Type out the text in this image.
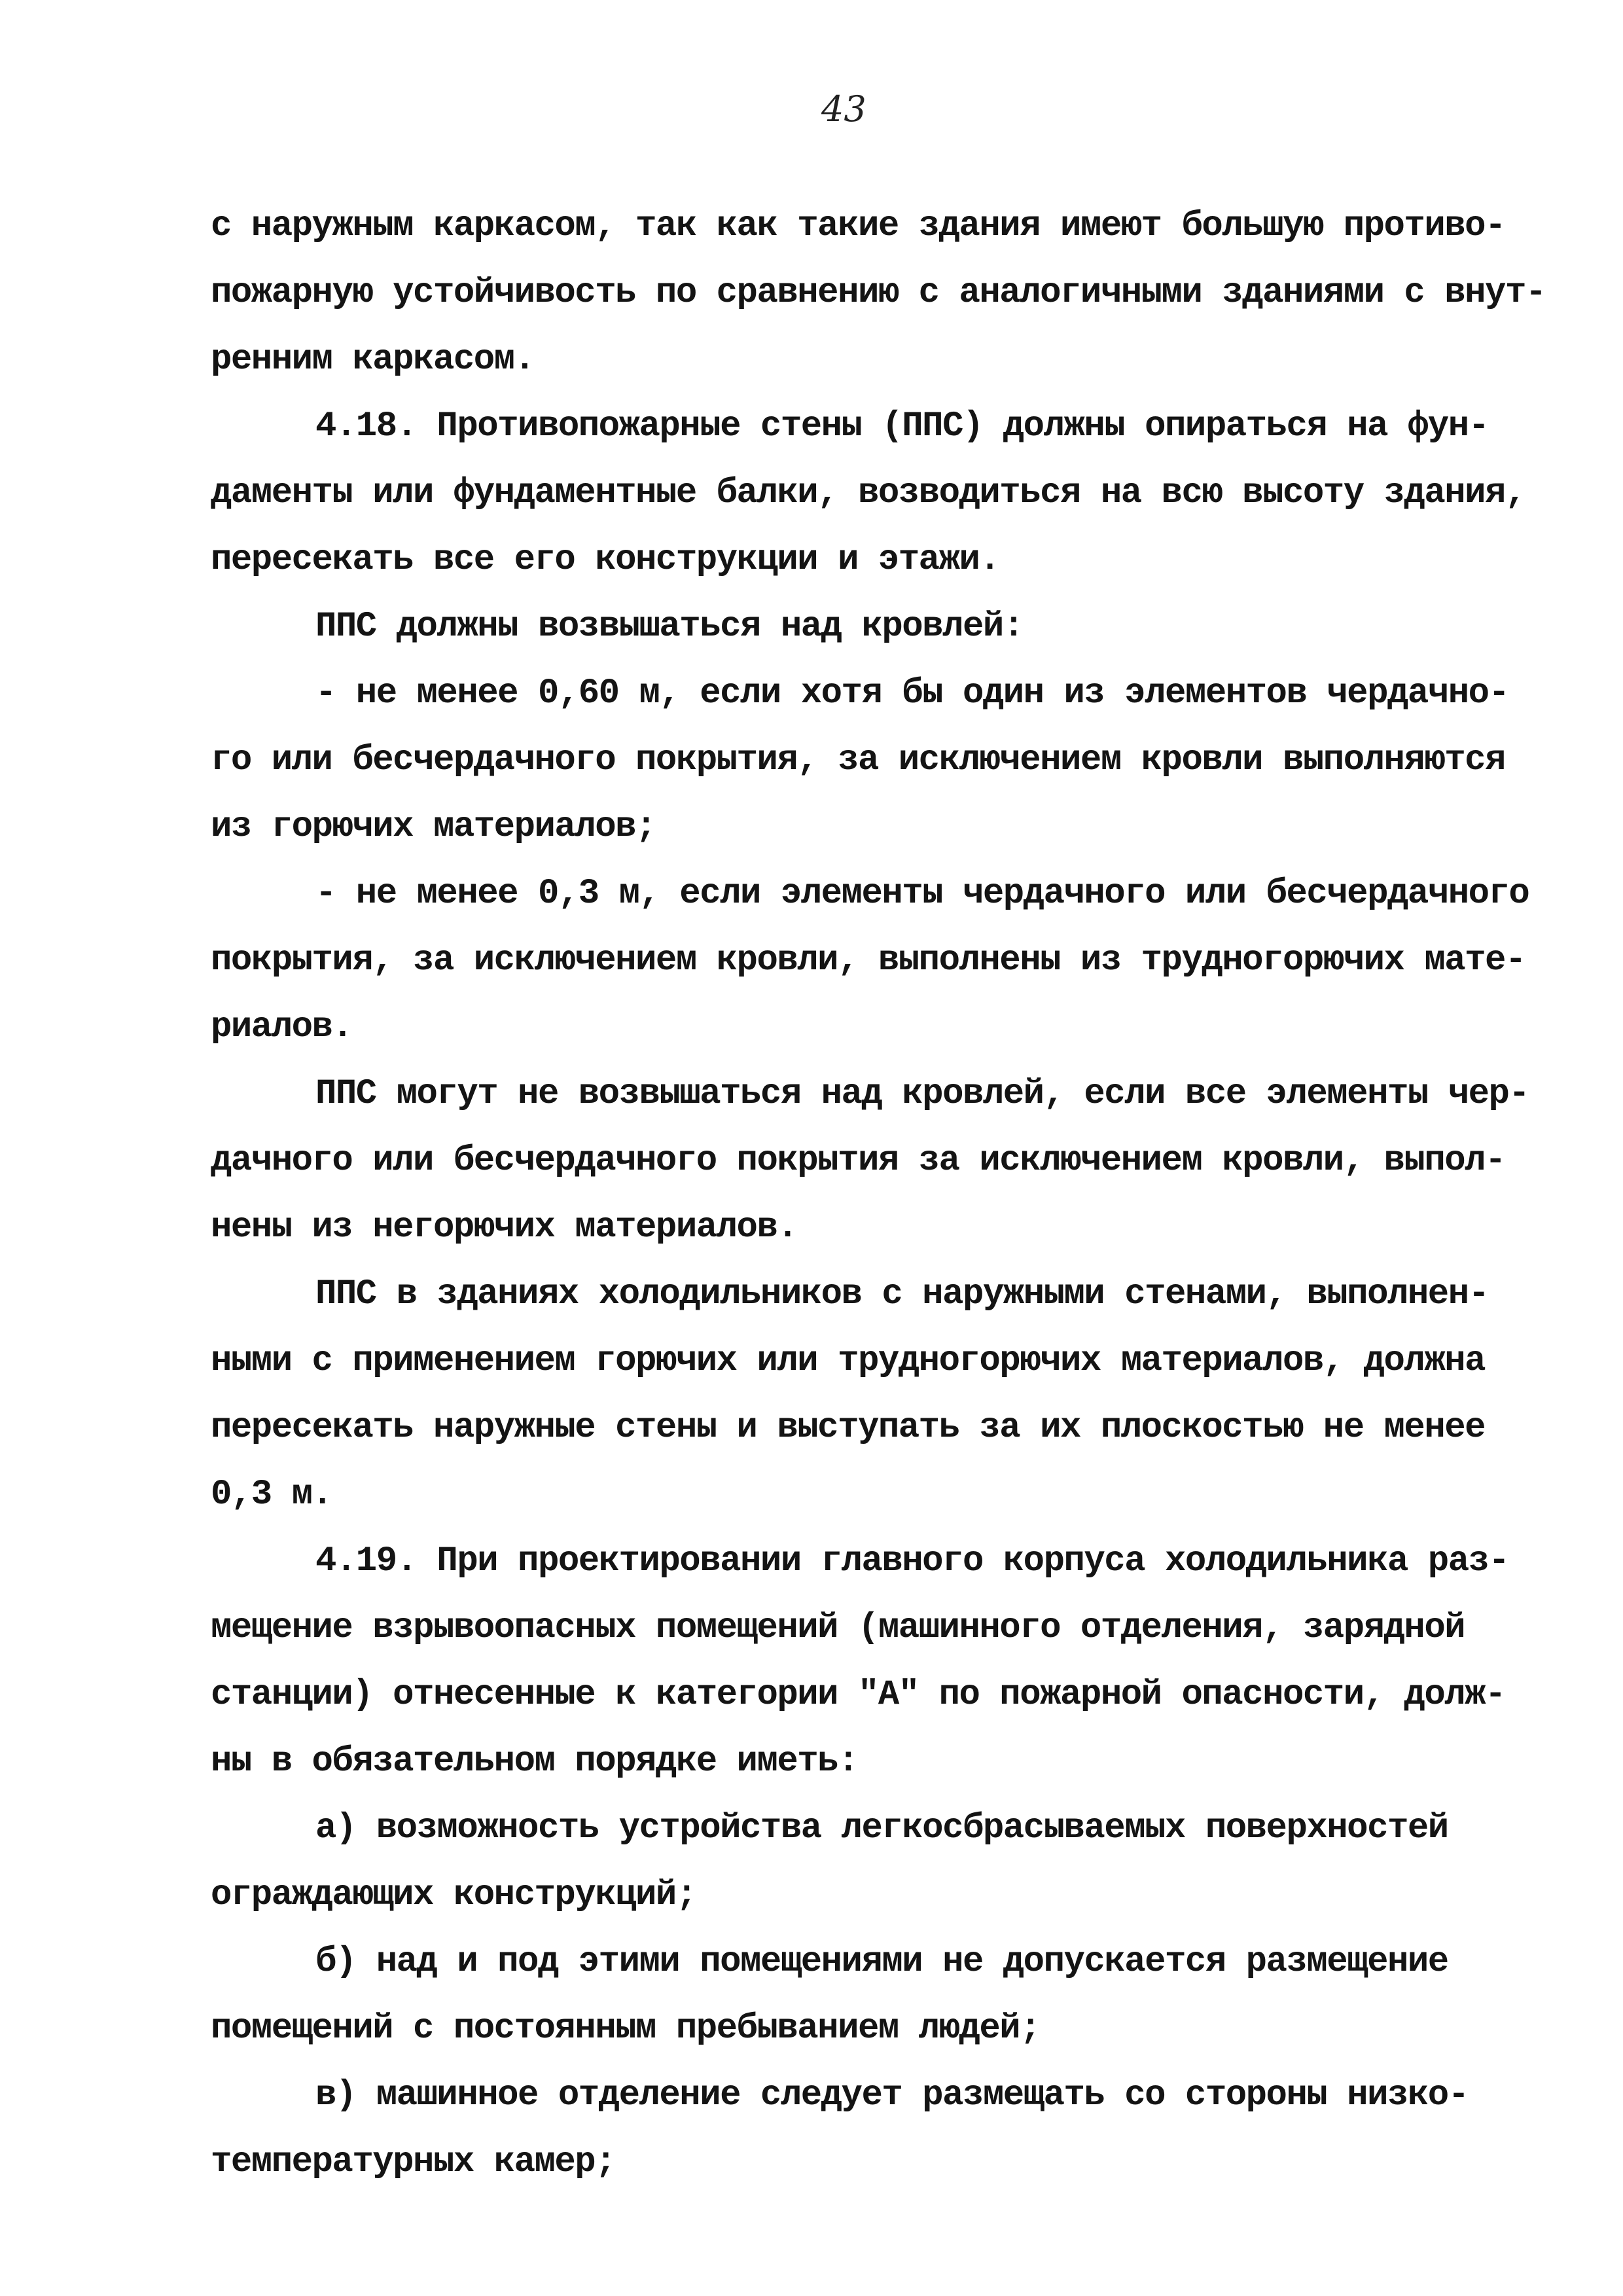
43
с наружным каркасом, так как такие здания имеют большую противо-
пожарную устойчивость по сравнению с аналогичными зданиями с внут-
ренним каркасом.
4.18. Противопожарные стены (ППС) должны опираться на фун-
даменты или фундаментные балки, возводиться на всю высоту здания,
пересекать все его конструкции и этажи.
ППС должны возвышаться над кровлей:
- не менее 0,60 м, если хотя бы один из элементов чердачно-
го или бесчердачного покрытия, за исключением кровли выполняются
из горючих материалов;
- не менее 0,3 м, если элементы чердачного или бесчердачного
покрытия, за исключением кровли, выполнены из трудногорючих мате-
риалов.
ППС могут не возвышаться над кровлей, если все элементы чер-
дачного или бесчердачного покрытия за исключением кровли, выпол-
нены из негорючих материалов.
ППС в зданиях холодильников с наружными стенами, выполнен-
ными с применением горючих или трудногорючих материалов, должна
пересекать наружные стены и выступать за их плоскостью не менее
0,3 м.
4.19. При проектировании главного корпуса холодильника раз-
мещение взрывоопасных помещений (машинного отделения, зарядной
станции) отнесенные к категории "А" по пожарной опасности, долж-
ны в обязательном порядке иметь:
а) возможность устройства легкосбрасываемых поверхностей
ограждающих конструкций;
б) над и под этими помещениями не допускается размещение
помещений с постоянным пребыванием людей;
в) машинное отделение следует размещать со стороны низко-
температурных камер;
